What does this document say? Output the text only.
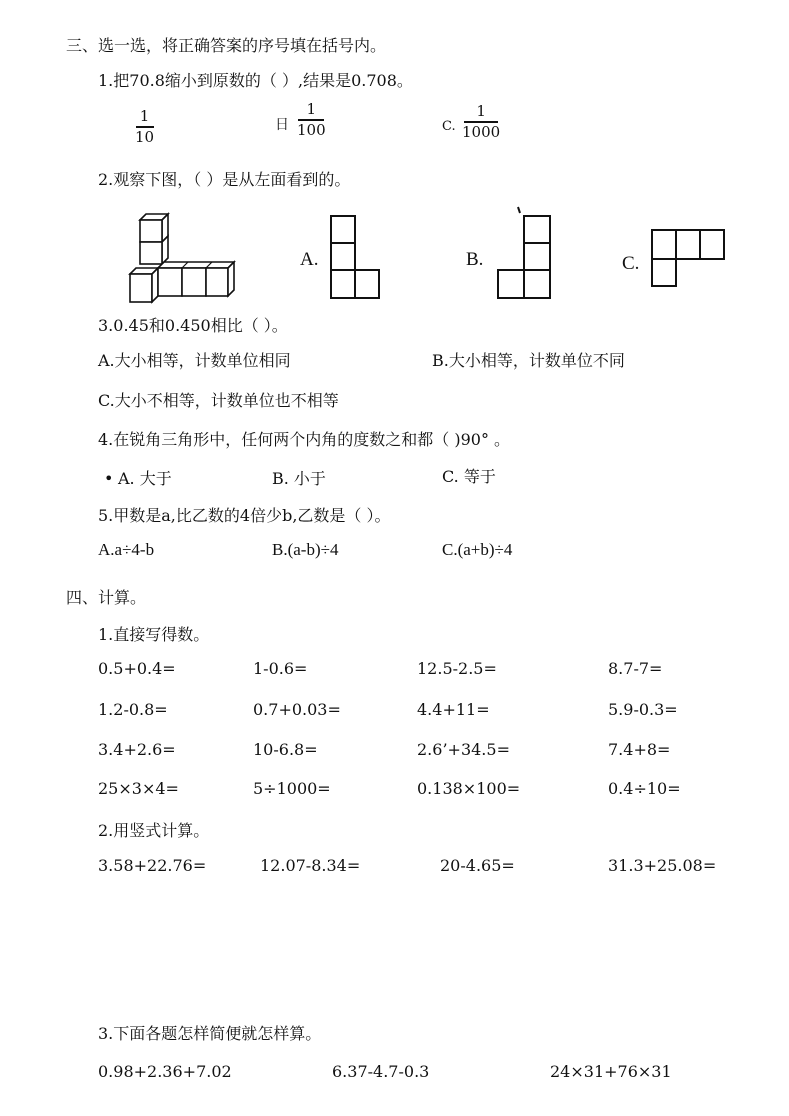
三、选一选，将正确答案的序号填在括号内。
1.把70.8缩小到原数的（ ）,结果是0.708。
1
10
日
1
100	C.
1
1000
2.观察下图，（ ）是从左面看到的。
A.	B.	C.
3.0.45和0.450相比（ ）。
A.大小相等，计数单位相同	B.大小相等，计数单位不同
C.大小不相等，计数单位也不相等
4.在锐角三角形中，任何两个内角的度数之和都（ )90° 。
• A. 大于	B. 小于	C. 等于
5.甲数是a,比乙数的4倍少b,乙数是（ ）。
A.a÷4-b	B.(a-b)÷4	C.(a+b)÷4
四、计算。
1.直接写得数。
0.5+0.4=	1-0.6=	12.5-2.5=	8.7-7=
1.2-0.8=	0.7+0.03=	4.4+11=	5.9-0.3=
3.4+2.6=	10-6.8=	2.6’+34.5=	7.4+8=
25×3×4=	5÷1000=	0.138×100=	0.4÷10=
2.用竖式计算。
3.58+22.76=	12.07-8.34=	20-4.65=	31.3+25.08=
3.下面各题怎样简便就怎样算。
0.98+2.36+7.02	6.37-4.7-0.3	24×31+76×31
